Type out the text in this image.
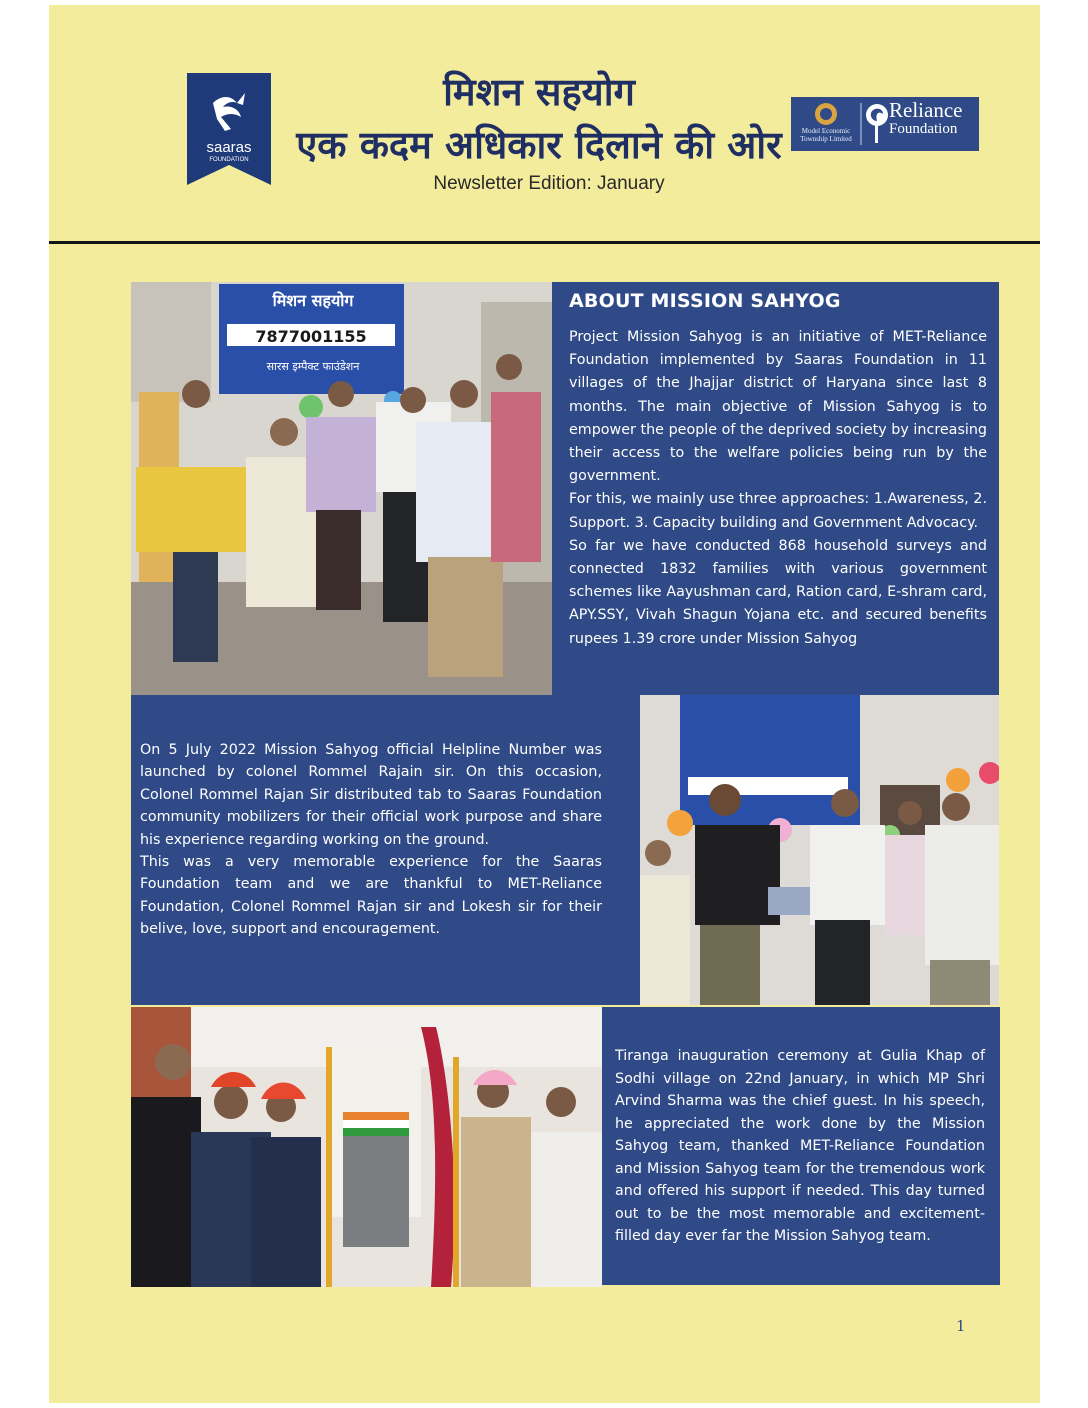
saaras
FOUNDATION
मिशन सहयोग
एक कदम अधिकार दिलाने की ओर
Newsletter Edition: January
Model Economic Township Limited
Reliance
Foundation
मिशन सहयोग
7877001155
सारस इम्पैक्ट फाउंडेशन
ABOUT MISSION SAHYOG

Project Mission Sahyog is an initiative of MET-Reliance Foundation implemented by Saaras Foundation in 11 villages of the Jhajjar district of Haryana since last 8 months. The main objective of Mission Sahyog is to empower the people of the deprived society by increasing their access to the welfare policies being run by the government.

For this, we mainly use three approaches: 1.Awareness, 2. Support. 3. Capacity building and Government Advocacy.

So far we have conducted 868 household surveys and connected 1832 families with various government schemes like Aayushman card, Ration card, E-shram card, APY.SSY, Vivah Shagun Yojana etc. and secured benefits rupees 1.39 crore under Mission Sahyog

On 5 July 2022 Mission Sahyog official Helpline Number was launched by colonel Rommel Rajain sir. On this occasion, Colonel Rommel Rajan Sir distributed tab to Saaras Foundation community mobilizers for their official work purpose and share his experience regarding working on the ground.

This was a very memorable experience for the Saaras Foundation team and we are thankful to MET-Reliance Foundation, Colonel Rommel Rajan sir and Lokesh sir for their belive, love, support and encouragement.

Tiranga inauguration ceremony at Gulia Khap of Sodhi village on 22nd January, in which MP Shri Arvind Sharma was the chief guest. In his speech, he appreciated the work done by the Mission Sahyog team, thanked MET-Reliance Foundation and Mission Sahyog team for the tremendous work and offered his support if needed. This day turned out to be the most memorable and excitement-filled day ever far the Mission Sahyog team.

1
